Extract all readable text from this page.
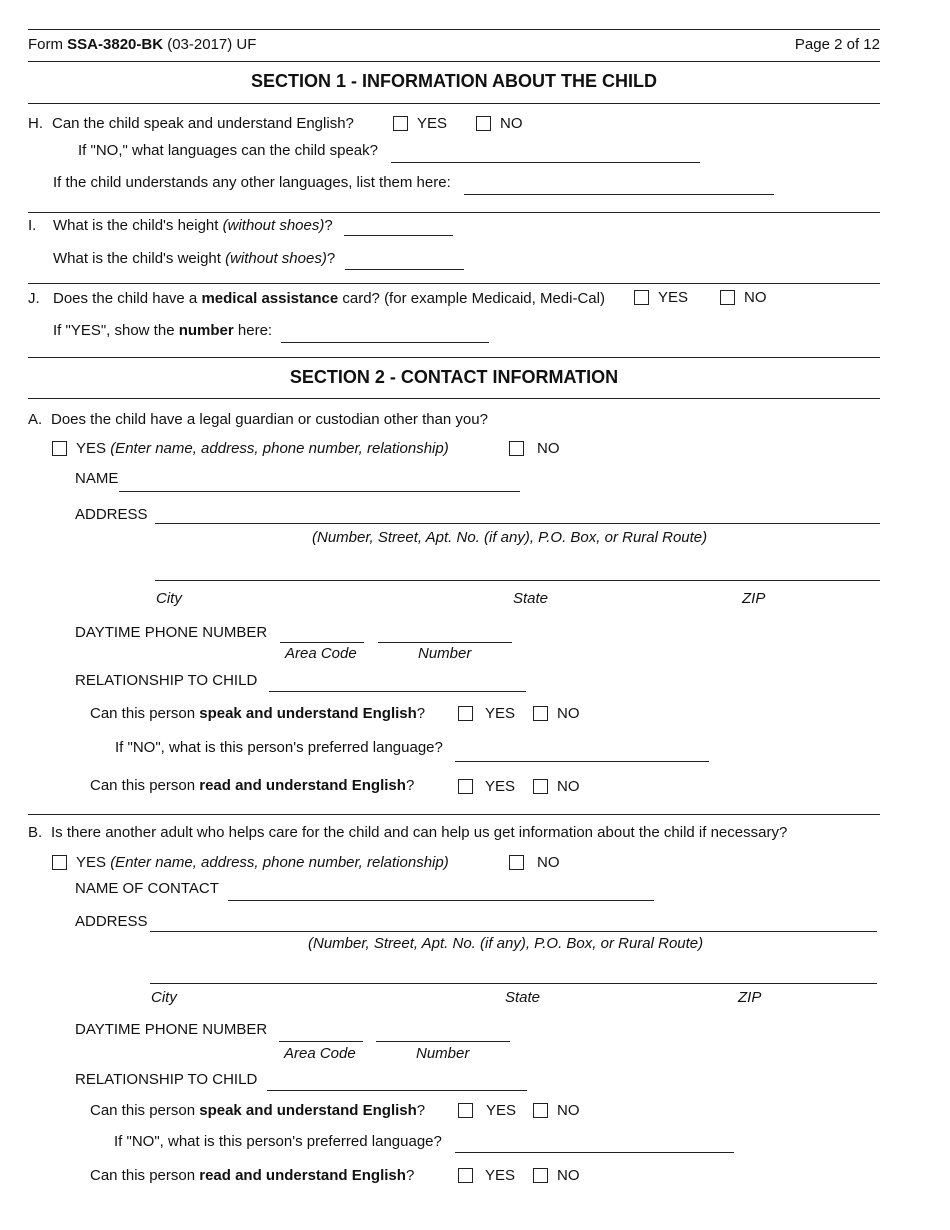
Form SSA-3820-BK (03-2017) UF	Page 2 of 12
SECTION 1 - INFORMATION ABOUT THE CHILD
H. Can the child speak and understand English?	YES	NO
If "NO," what languages can the child speak?
If the child understands any other languages, list them here:
I. What is the child's height (without shoes)?
What is the child's weight (without shoes)?
J. Does the child have a medical assistance card? (for example Medicaid, Medi-Cal)	YES	NO
If "YES", show the number here:
SECTION 2 - CONTACT INFORMATION
A. Does the child have a legal guardian or custodian other than you?
YES (Enter name, address, phone number, relationship)	NO
NAME
ADDRESS
(Number, Street, Apt. No. (if any), P.O. Box, or Rural Route)
City	State	ZIP
DAYTIME PHONE NUMBER
Area Code	Number
RELATIONSHIP TO CHILD
Can this person speak and understand English?	YES	NO
If "NO", what is this person's preferred language?
Can this person read and understand English?	YES	NO
B. Is there another adult who helps care for the child and can help us get information about the child if necessary?
YES (Enter name, address, phone number, relationship)	NO
NAME OF CONTACT
ADDRESS
(Number, Street, Apt. No. (if any), P.O. Box, or Rural Route)
City	State	ZIP
DAYTIME PHONE NUMBER
Area Code	Number
RELATIONSHIP TO CHILD
Can this person speak and understand English?	YES	NO
If "NO", what is this person's preferred language?
Can this person read and understand English?	YES	NO
